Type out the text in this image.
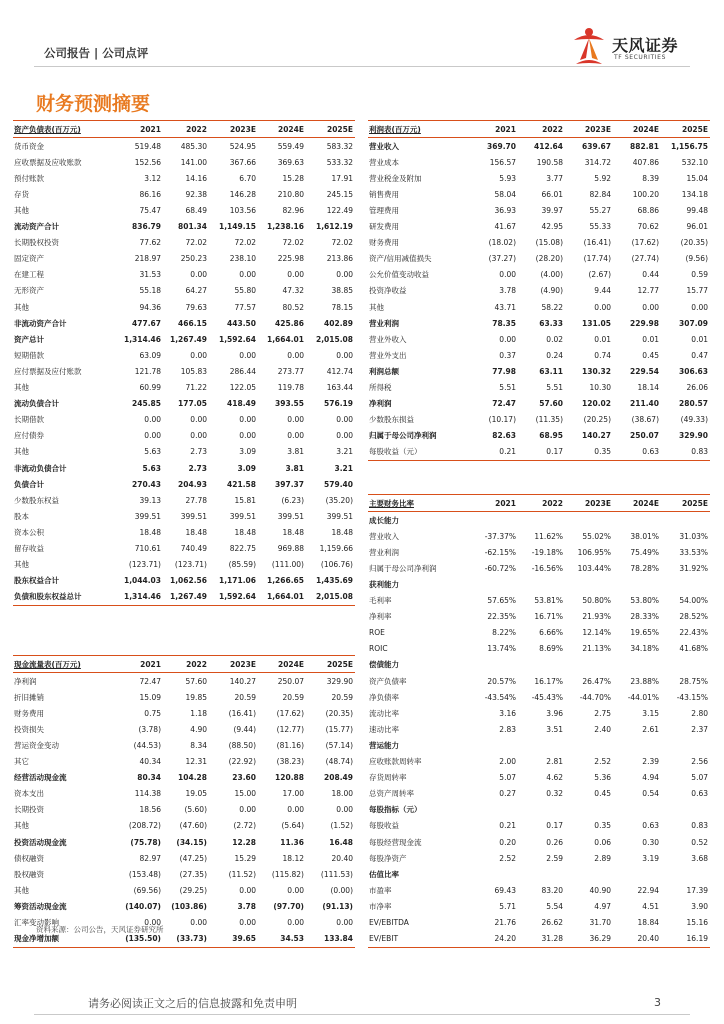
公司报告 | 公司点评	天风证券
TF SECURITIES
财务预测摘要
资产负债表(百万元)	2021	2022	2023E	2024E	2025E
货币资金	519.48	485.30	524.95	559.49	583.32
应收票据及应收账款	152.56	141.00	367.66	369.63	533.32
预付账款	3.12	14.16	6.70	15.28	17.91
存货	86.16	92.38	146.28	210.80	245.15
其他	75.47	68.49	103.56	82.96	122.49
流动资产合计	836.79	801.34	1,149.15	1,238.16	1,612.19
长期股权投资	77.62	72.02	72.02	72.02	72.02
固定资产	218.97	250.23	238.10	225.98	213.86
在建工程	31.53	0.00	0.00	0.00	0.00
无形资产	55.18	64.27	55.80	47.32	38.85
其他	94.36	79.63	77.57	80.52	78.15
非流动资产合计	477.67	466.15	443.50	425.86	402.89
资产总计	1,314.46	1,267.49	1,592.64	1,664.01	2,015.08
短期借款	63.09	0.00	0.00	0.00	0.00
应付票据及应付账款	121.78	105.83	286.44	273.77	412.74
其他	60.99	71.22	122.05	119.78	163.44
流动负债合计	245.85	177.05	418.49	393.55	576.19
长期借款	0.00	0.00	0.00	0.00	0.00
应付债券	0.00	0.00	0.00	0.00	0.00
其他	5.63	2.73	3.09	3.81	3.21
非流动负债合计	5.63	2.73	3.09	3.81	3.21
负债合计	270.43	204.93	421.58	397.37	579.40
少数股东权益	39.13	27.78	15.81	(6.23)	(35.20)
股本	399.51	399.51	399.51	399.51	399.51
资本公积	18.48	18.48	18.48	18.48	18.48
留存收益	710.61	740.49	822.75	969.88	1,159.66
其他	(123.71)	(123.71)	(85.59)	(111.00)	(106.76)
股东权益合计	1,044.03	1,062.56	1,171.06	1,266.65	1,435.69
负债和股东权益总计	1,314.46	1,267.49	1,592.64	1,664.01	2,015.08
利润表(百万元)	2021	2022	2023E	2024E	2025E
营业收入	369.70	412.64	639.67	882.81	1,156.75
营业成本	156.57	190.58	314.72	407.86	532.10
营业税金及附加	5.93	3.77	5.92	8.39	15.04
销售费用	58.04	66.01	82.84	100.20	134.18
管理费用	36.93	39.97	55.27	68.86	99.48
研发费用	41.67	42.95	55.33	70.62	96.01
财务费用	(18.02)	(15.08)	(16.41)	(17.62)	(20.35)
资产/信用减值损失	(37.27)	(28.20)	(17.74)	(27.74)	(9.56)
公允价值变动收益	0.00	(4.00)	(2.67)	0.44	0.59
投资净收益	3.78	(4.90)	9.44	12.77	15.77
其他	43.71	58.22	0.00	0.00	0.00
营业利润	78.35	63.33	131.05	229.98	307.09
营业外收入	0.00	0.02	0.01	0.01	0.01
营业外支出	0.37	0.24	0.74	0.45	0.47
利润总额	77.98	63.11	130.32	229.54	306.63
所得税	5.51	5.51	10.30	18.14	26.06
净利润	72.47	57.60	120.02	211.40	280.57
少数股东损益	(10.17)	(11.35)	(20.25)	(38.67)	(49.33)
归属于母公司净利润	82.63	68.95	140.27	250.07	329.90
每股收益（元）	0.21	0.17	0.35	0.63	0.83
主要财务比率	2021	2022	2023E	2024E	2025E
成长能力					
营业收入	-37.37%	11.62%	55.02%	38.01%	31.03%
营业利润	-62.15%	-19.18%	106.95%	75.49%	33.53%
归属于母公司净利润	-60.72%	-16.56%	103.44%	78.28%	31.92%
获利能力					
毛利率	57.65%	53.81%	50.80%	53.80%	54.00%
净利率	22.35%	16.71%	21.93%	28.33%	28.52%
ROE	8.22%	6.66%	12.14%	19.65%	22.43%
ROIC	13.74%	8.69%	21.13%	34.18%	41.68%
偿债能力					
资产负债率	20.57%	16.17%	26.47%	23.88%	28.75%
净负债率	-43.54%	-45.43%	-44.70%	-44.01%	-43.15%
流动比率	3.16	3.96	2.75	3.15	2.80
速动比率	2.83	3.51	2.40	2.61	2.37
营运能力					
应收账款周转率	2.00	2.81	2.52	2.39	2.56
存货周转率	5.07	4.62	5.36	4.94	5.07
总资产周转率	0.27	0.32	0.45	0.54	0.63
每股指标（元）					
每股收益	0.21	0.17	0.35	0.63	0.83
每股经营现金流	0.20	0.26	0.06	0.30	0.52
每股净资产	2.52	2.59	2.89	3.19	3.68
估值比率					
市盈率	69.43	83.20	40.90	22.94	17.39
市净率	5.71	5.54	4.97	4.51	3.90
EV/EBITDA	21.76	26.62	31.70	18.84	15.16
EV/EBIT	24.20	31.28	36.29	20.40	16.19
现金流量表(百万元)	2021	2022	2023E	2024E	2025E
净利润	72.47	57.60	140.27	250.07	329.90
折旧摊销	15.09	19.85	20.59	20.59	20.59
财务费用	0.75	1.18	(16.41)	(17.62)	(20.35)
投资损失	(3.78)	4.90	(9.44)	(12.77)	(15.77)
营运资金变动	(44.53)	8.34	(88.50)	(81.16)	(57.14)
其它	40.34	12.31	(22.92)	(38.23)	(48.74)
经营活动现金流	80.34	104.28	23.60	120.88	208.49
资本支出	114.38	19.05	15.00	17.00	18.00
长期投资	18.56	(5.60)	0.00	0.00	0.00
其他	(208.72)	(47.60)	(2.72)	(5.64)	(1.52)
投资活动现金流	(75.78)	(34.15)	12.28	11.36	16.48
债权融资	82.97	(47.25)	15.29	18.12	20.40
股权融资	(153.48)	(27.35)	(11.52)	(115.82)	(111.53)
其他	(69.56)	(29.25)	0.00	0.00	(0.00)
筹资活动现金流	(140.07)	(103.86)	3.78	(97.70)	(91.13)
汇率变动影响	0.00	0.00	0.00	0.00	0.00
现金净增加额	(135.50)	(33.73)	39.65	34.53	133.84
资料来源：公司公告，天风证券研究所
请务必阅读正文之后的信息披露和免责申明	3
